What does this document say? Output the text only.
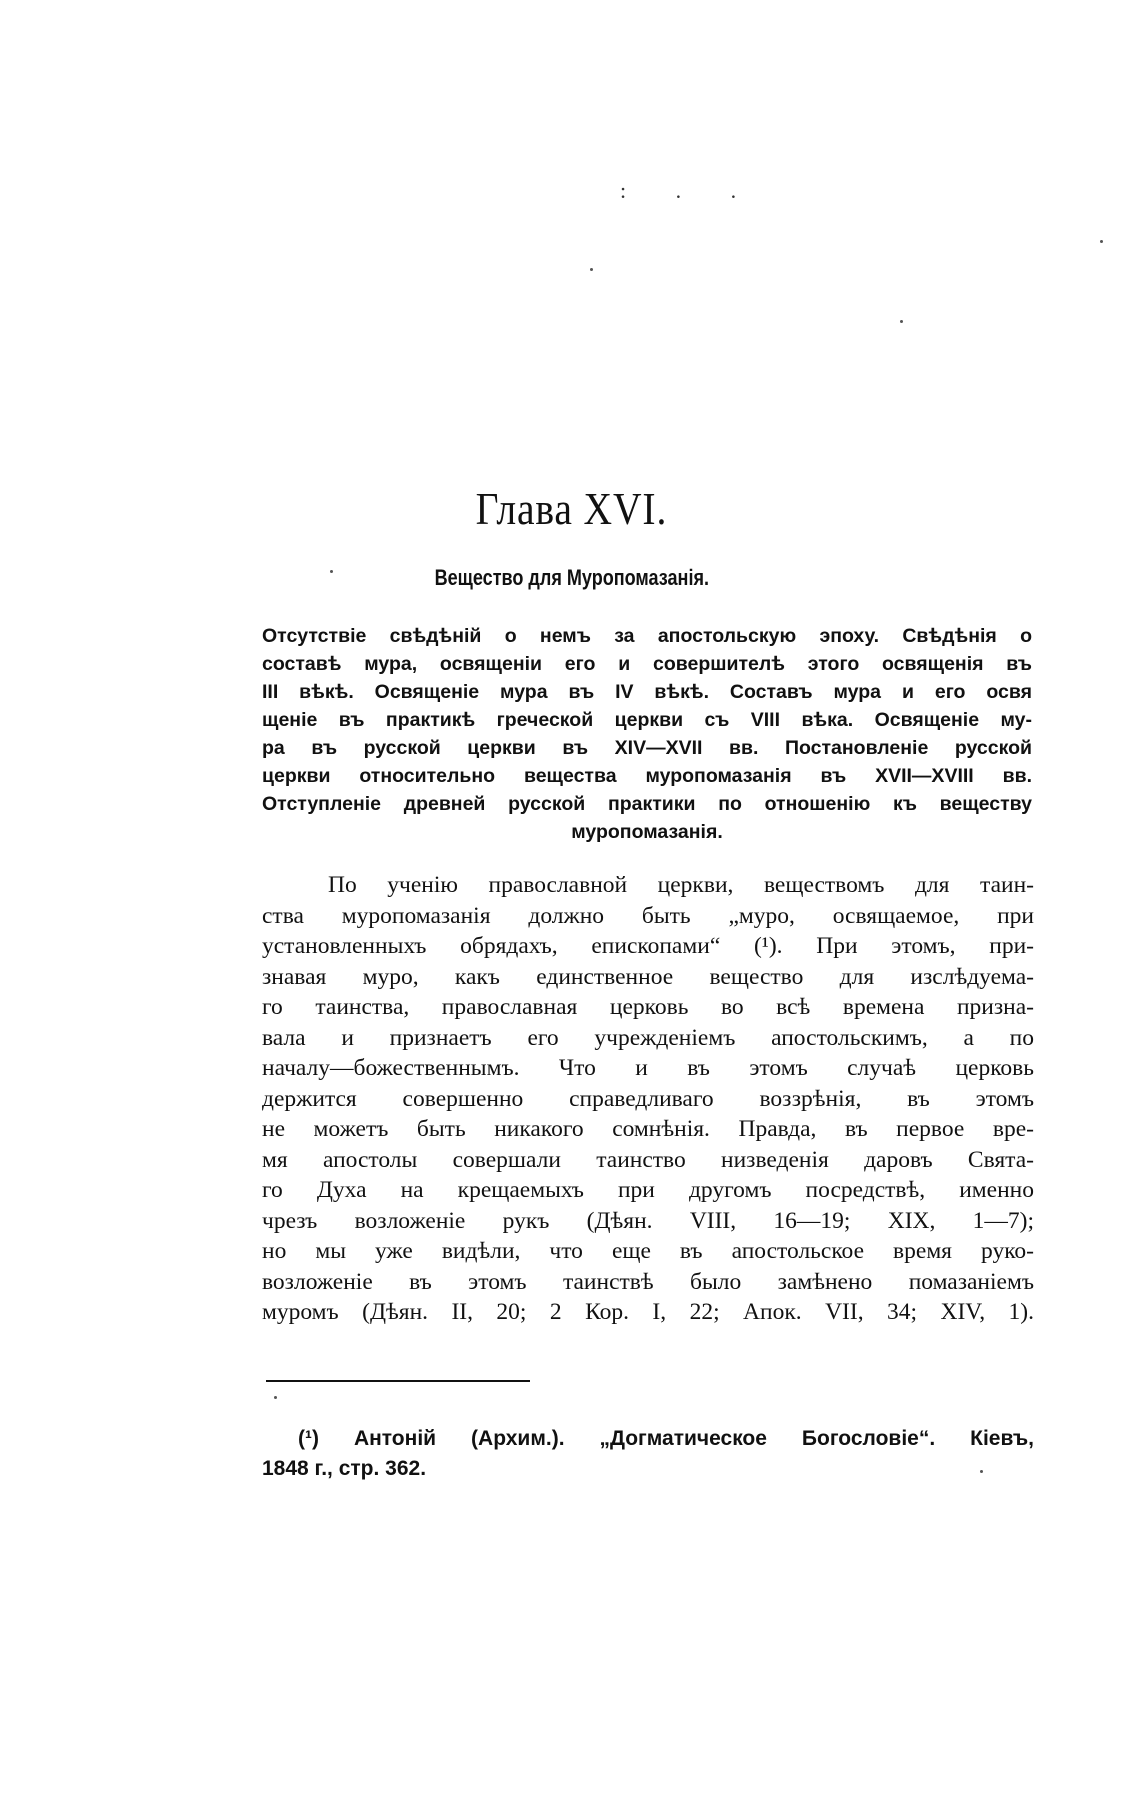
: . .
Глава XVI.
Вещество для Муропомазанія.
Отсутствіе свѣдѣній о немъ за апостольскую эпоху. Свѣдѣнія о
составѣ мура, освященіи его и совершителѣ этого освященія въ
III вѣкѣ. Освященіе мура въ IV вѣкѣ. Составъ мура и его освя
щеніе въ практикѣ греческой церкви съ VIII вѣка. Освященіе му-
ра въ русской церкви въ XIV—XVII вв. Постановленіе русской
церкви относительно вещества муропомазанія въ XVII—XVIII вв.
Отступленіе древней русской практики по отношенію къ веществу
муропомазанія.
По ученію православной церкви, веществомъ для таин-
ства муропомазанія должно быть „муро, освящаемое, при
установленныхъ обрядахъ, епископами“ (¹). При этомъ, при-
знавая муро, какъ единственное вещество для изслѣдуема-
го таинства, православная церковь во всѣ времена призна-
вала и признаетъ его учрежденіемъ апостольскимъ, а по
началу—божественнымъ. Что и въ этомъ случаѣ церковь
держится совершенно справедливаго воззрѣнія, въ этомъ
не можетъ быть никакого сомнѣнія. Правда, въ первое вре-
мя апостолы совершали таинство низведенія даровъ Свята-
го Духа на крещаемыхъ при другомъ посредствѣ, именно
чрезъ возложеніе рукъ (Дѣян. VIII, 16—19; XIX, 1—7);
но мы уже видѣли, что еще въ апостольское время руко-
возложеніе въ этомъ таинствѣ было замѣнено помазаніемъ
муромъ (Дѣян. II, 20; 2 Кор. I, 22; Апок. VII, 34; XIV, 1).
(¹) Антоній (Архим.). „Догматическое Богословіе“. Кіевъ,
1848 г., стр. 362.
